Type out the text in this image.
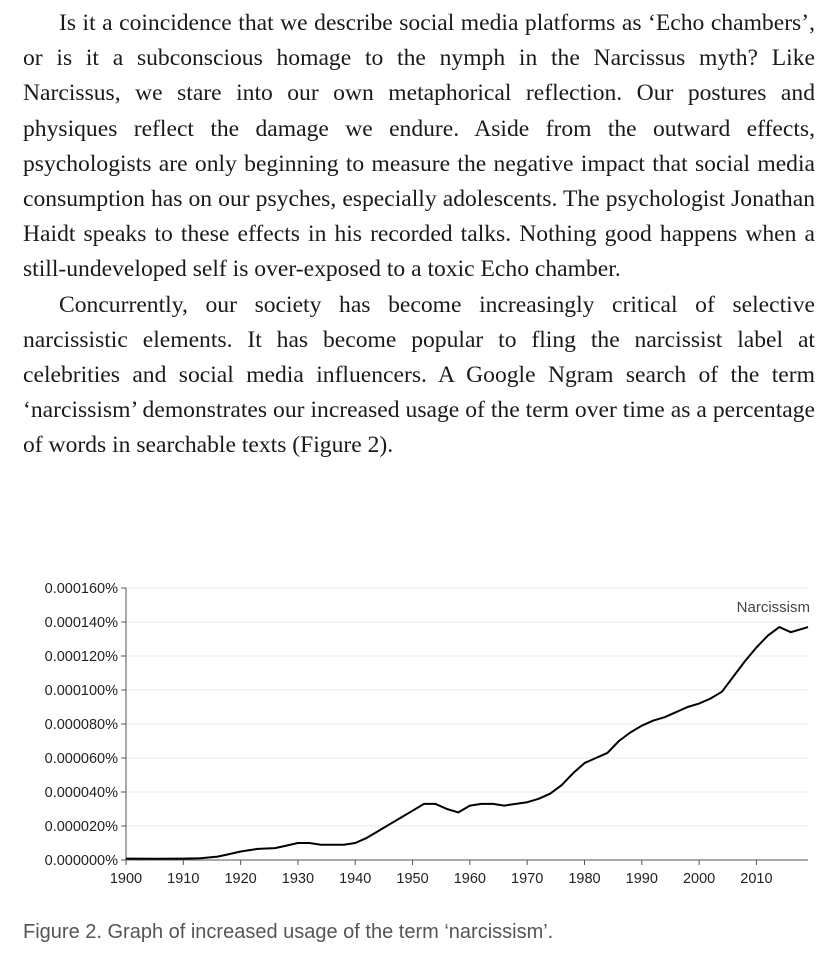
Is it a coincidence that we describe social media platforms as ‘Echo chambers’, or is it a subconscious homage to the nymph in the Narcissus myth? Like Narcissus, we stare into our own metaphorical reflection. Our postures and physiques reflect the damage we endure. Aside from the outward effects, psychologists are only beginning to measure the negative impact that social media consumption has on our psyches, especially adolescents. The psychologist Jonathan Haidt speaks to these effects in his recorded talks. Nothing good happens when a still-undeveloped self is over-exposed to a toxic Echo chamber.

Concurrently, our society has become increasingly critical of selective narcissistic elements. It has become popular to fling the narcissist label at celebrities and social media influencers. A Google Ngram search of the term ‘narcissism’ demonstrates our increased usage of the term over time as a percentage of words in searchable texts (Figure 2).

0.000000%
0.000020%
0.000040%
0.000060%
0.000080%
0.000100%
0.000120%
0.000140%
0.000160%
1900 1910 1920 1930 1940 1950 1960 1970 1980 1990 2000 2010
Narcissism

Figure 2. Graph of increased usage of the term ‘narcissism’.
